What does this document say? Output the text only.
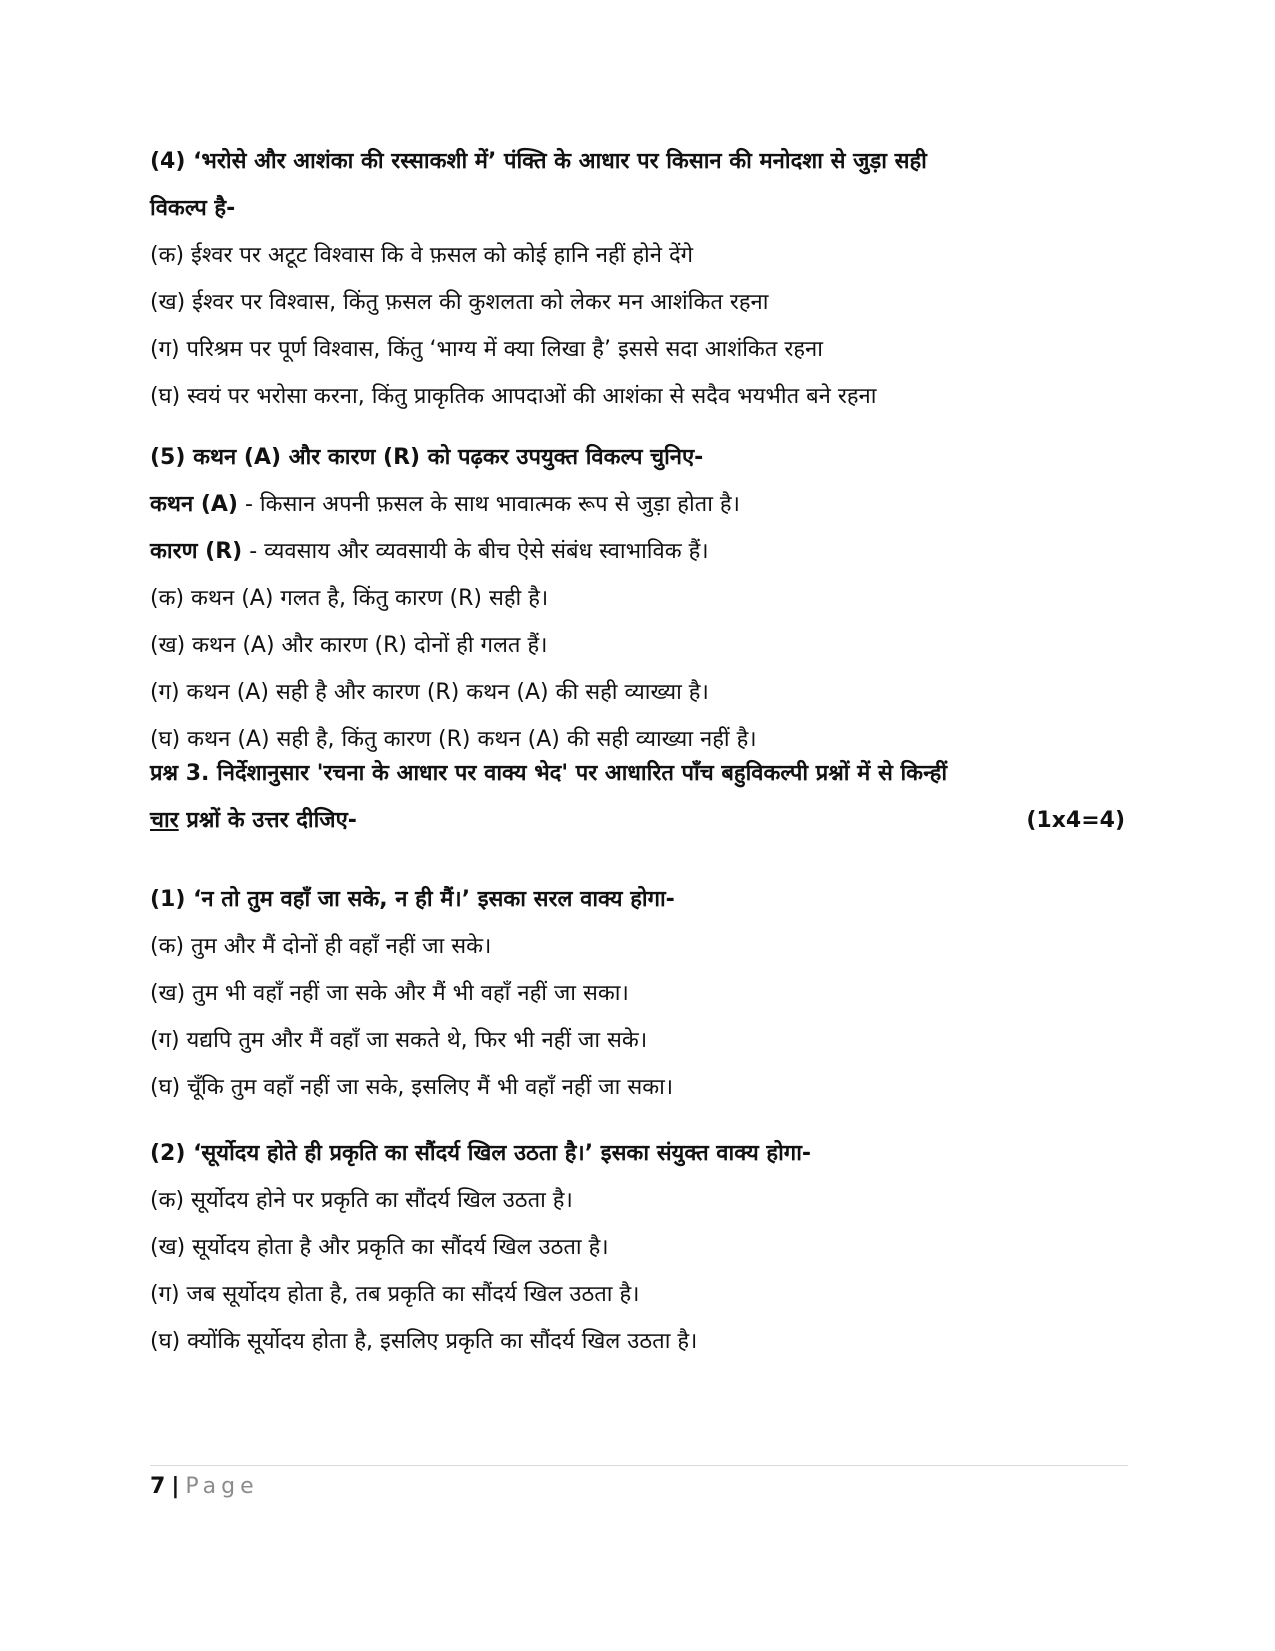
(4) ‘भरोसे और आशंका की रस्साकशी में’ पंक्ति के आधार पर किसान की मनोदशा से जुड़ा सही
विकल्प है-
(क) ईश्वर पर अटूट विश्वास कि वे फ़सल को कोई हानि नहीं होने देंगे
(ख) ईश्वर पर विश्वास, किंतु फ़सल की कुशलता को लेकर मन आशंकित रहना
(ग) परिश्रम पर पूर्ण विश्वास, किंतु ‘भाग्य में क्या लिखा है’ इससे सदा आशंकित रहना
(घ) स्वयं पर भरोसा करना, किंतु प्राकृतिक आपदाओं की आशंका से सदैव भयभीत बने रहना
(5) कथन (A) और कारण (R) को पढ़कर उपयुक्त विकल्प चुनिए-
कथन (A) - किसान अपनी फ़सल के साथ भावात्मक रूप से जुड़ा होता है।
कारण (R) - व्यवसाय और व्यवसायी के बीच ऐसे संबंध स्वाभाविक हैं।
(क) कथन (A) गलत है, किंतु कारण (R) सही है।
(ख) कथन (A) और कारण (R) दोनों ही गलत हैं।
(ग) कथन (A) सही है और कारण (R) कथन (A) की सही व्याख्या है।
(घ) कथन (A) सही है, किंतु कारण (R) कथन (A) की सही व्याख्या नहीं है।
प्रश्न 3. निर्देशानुसार 'रचना के आधार पर वाक्य भेद' पर आधारित पाँच बहुविकल्पी प्रश्नों में से किन्हीं
चार प्रश्नों के उत्तर दीजिए-	(1x4=4)
(1) ‘न तो तुम वहाँ जा सके, न ही मैं।’ इसका सरल वाक्य होगा-
(क) तुम और मैं दोनों ही वहाँ नहीं जा सके।
(ख) तुम भी वहाँ नहीं जा सके और मैं भी वहाँ नहीं जा सका।
(ग) यद्यपि तुम और मैं वहाँ जा सकते थे, फिर भी नहीं जा सके।
(घ) चूँकि तुम वहाँ नहीं जा सके, इसलिए मैं भी वहाँ नहीं जा सका।
(2) ‘सूर्योदय होते ही प्रकृति का सौंदर्य खिल उठता है।’ इसका संयुक्त वाक्य होगा-
(क) सूर्योदय होने पर प्रकृति का सौंदर्य खिल उठता है।
(ख) सूर्योदय होता है और प्रकृति का सौंदर्य खिल उठता है।
(ग) जब सूर्योदय होता है, तब प्रकृति का सौंदर्य खिल उठता है।
(घ) क्योंकि सूर्योदय होता है, इसलिए प्रकृति का सौंदर्य खिल उठता है।
7 | Page
